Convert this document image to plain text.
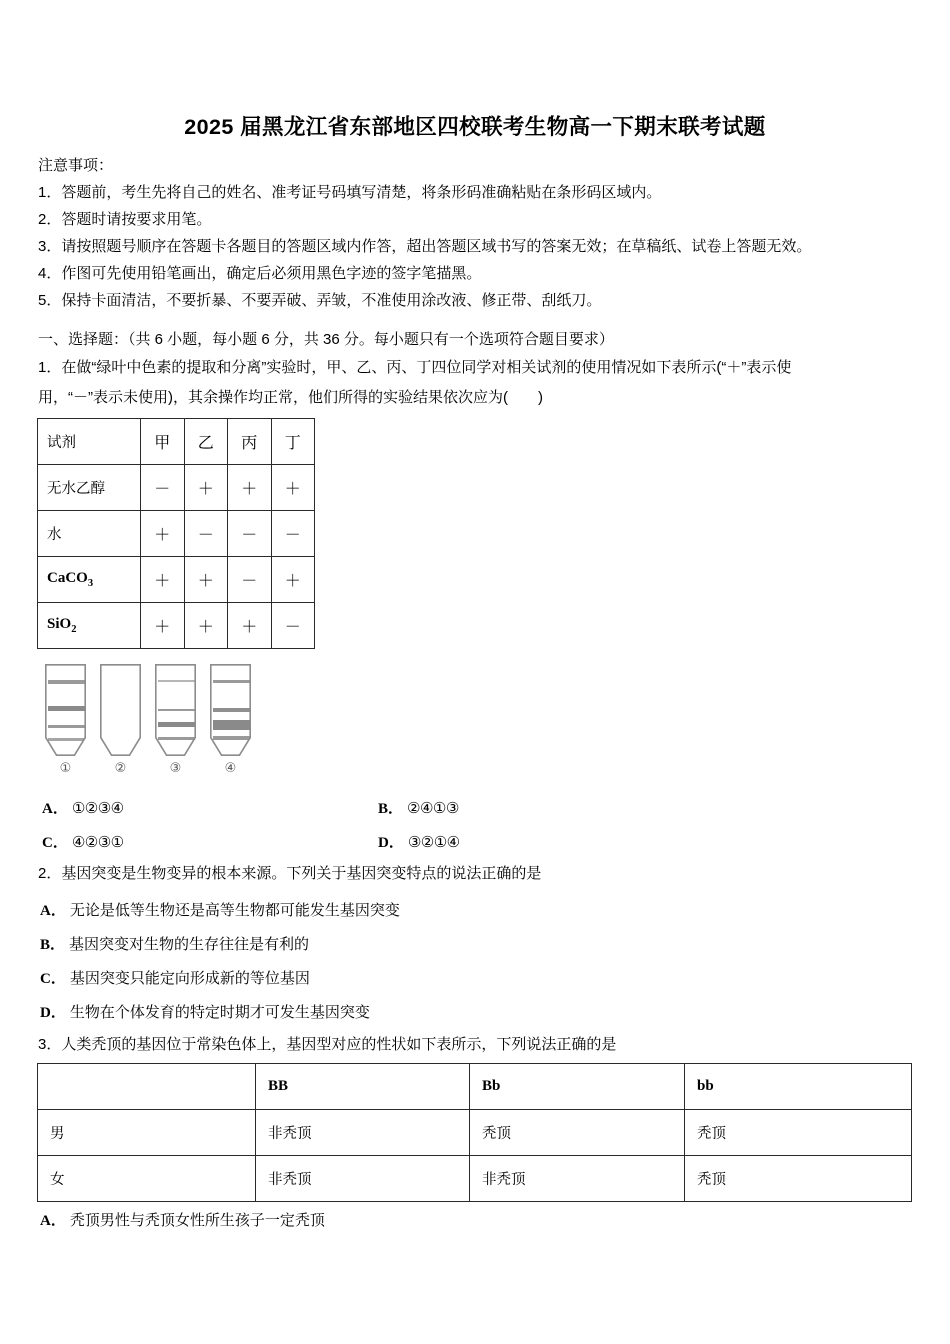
2025 届黑龙江省东部地区四校联考生物高一下期末联考试题
注意事项：
1．答题前，考生先将自己的姓名、准考证号码填写清楚，将条形码准确粘贴在条形码区域内。
2．答题时请按要求用笔。
3．请按照题号顺序在答题卡各题目的答题区域内作答，超出答题区域书写的答案无效；在草稿纸、试卷上答题无效。
4．作图可先使用铅笔画出，确定后必须用黑色字迹的签字笔描黑。
5．保持卡面清洁，不要折暴、不要弄破、弄皱，不准使用涂改液、修正带、刮纸刀。
一、选择题：（共 6 小题，每小题 6 分，共 36 分。每小题只有一个选项符合题目要求）
1．在做“绿叶中色素的提取和分离”实验时，甲、乙、丙、丁四位同学对相关试剂的使用情况如下表所示(“＋”表示使
用，“－”表示未使用)，其余操作均正常，他们所得的实验结果依次应为(　　)
试剂	甲	乙	丙	丁
无水乙醇	－	＋	＋	＋
水	＋	－	－	－
CaCO$_3$	＋	＋	－	＋
SiO$_2$	＋	＋	＋	－
①	②	③	④
A． ①②③④	B． ②④①③
C． ④②③①	D． ③②①④
2．基因突变是生物变异的根本来源。下列关于基因突变特点的说法正确的是
A． 无论是低等生物还是高等生物都可能发生基因突变
B． 基因突变对生物的生存往往是有利的
C． 基因突变只能定向形成新的等位基因
D． 生物在个体发育的特定时期才可发生基因突变
3．人类秃顶的基因位于常染色体上，基因型对应的性状如下表所示，下列说法正确的是
	BB	Bb	bb
男	非秃顶	秃顶	秃顶
女	非秃顶	非秃顶	秃顶
A． 秃顶男性与秃顶女性所生孩子一定秃顶
